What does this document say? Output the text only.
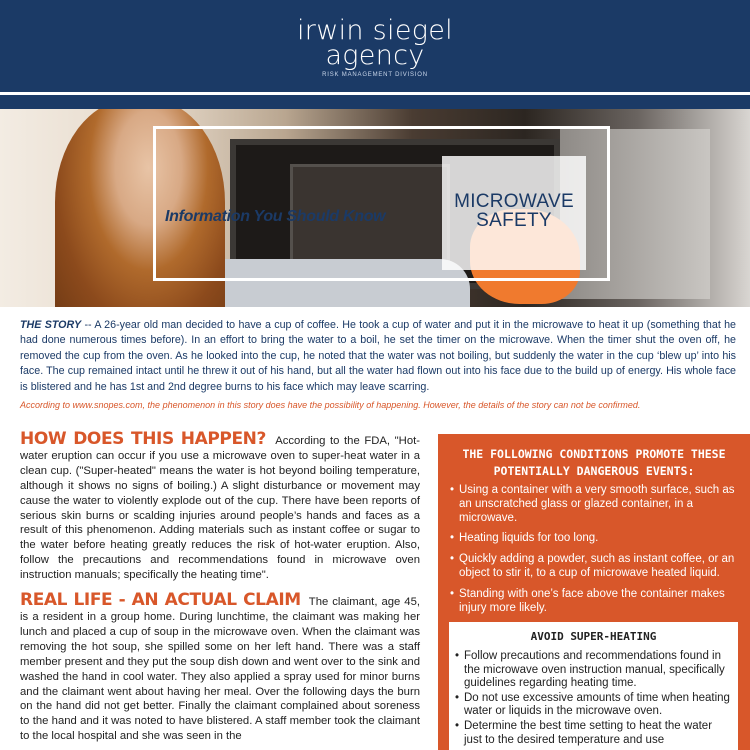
irwin siegel
agency
RISK MANAGEMENT DIVISION
MICROWAVE
SAFETY
Information You Should Know
THE STORY -- A 26-year old man decided to have a cup of coffee. He took a cup of water and put it in the microwave to heat it up (something that he had done numerous times before). In an effort to bring the water to a boil, he set the timer on the microwave. When the timer shut the oven off, he removed the cup from the oven. As he looked into the cup, he noted that the water was not boiling, but suddenly the water in the cup ‘blew up’ into his face. The cup remained intact until he threw it out of his hand, but all the water had flown out into his face due to the build up of energy. His whole face is blistered and he has 1st and 2nd degree burns to his face which may leave scarring.
According to www.snopes.com, the phenomenon in this story does have the possibility of happening. However, the details of the story can not be confirmed.

HOW DOES THIS HAPPEN? According to the FDA, "Hot-water eruption can occur if you use a microwave oven to super-heat water in a clean cup. ("Super-heated" means the water is hot beyond boiling temperature, although it shows no signs of boiling.) A slight disturbance or movement may cause the water to violently explode out of the cup. There have been reports of serious skin burns or scalding injuries around people’s hands and faces as a result of this phenomenon. Adding materials such as instant coffee or sugar to the water before heating greatly reduces the risk of hot-water eruption. Also, follow the precautions and recommendations found in microwave oven instruction manuals; specifically the heating time".

REAL LIFE - AN ACTUAL CLAIM The claimant, age 45, is a resident in a group home. During lunchtime, the claimant was making her lunch and placed a cup of soup in the microwave oven. When the claimant was removing the hot soup, she spilled some on her left hand. There was a staff member present and they put the soup dish down and went over to the sink and washed the hand in cool water. They also applied a spray used for minor burns and the claimant went about having her meal. Over the following days the burn on the hand did not get better. Finally the claimant complained about soreness to the hand and it was noted to have blistered. A staff member took the claimant to the local hospital and she was seen in the

THE FOLLOWING CONDITIONS PROMOTE THESE POTENTIALLY DANGEROUS EVENTS:
• Using a container with a very smooth surface, such as an unscratched glass or glazed container, in a microwave.
• Heating liquids for too long.
• Quickly adding a powder, such as instant coffee, or an object to stir it, to a cup of microwave heated liquid.
• Standing with one’s face above the container makes injury more likely.
AVOID SUPER-HEATING
• Follow precautions and recommendations found in the microwave oven instruction manual, specifically guidelines regarding heating time.
• Do not use excessive amounts of time when heating water or liquids in the microwave oven.
• Determine the best time setting to heat the water just to the desired temperature and use
